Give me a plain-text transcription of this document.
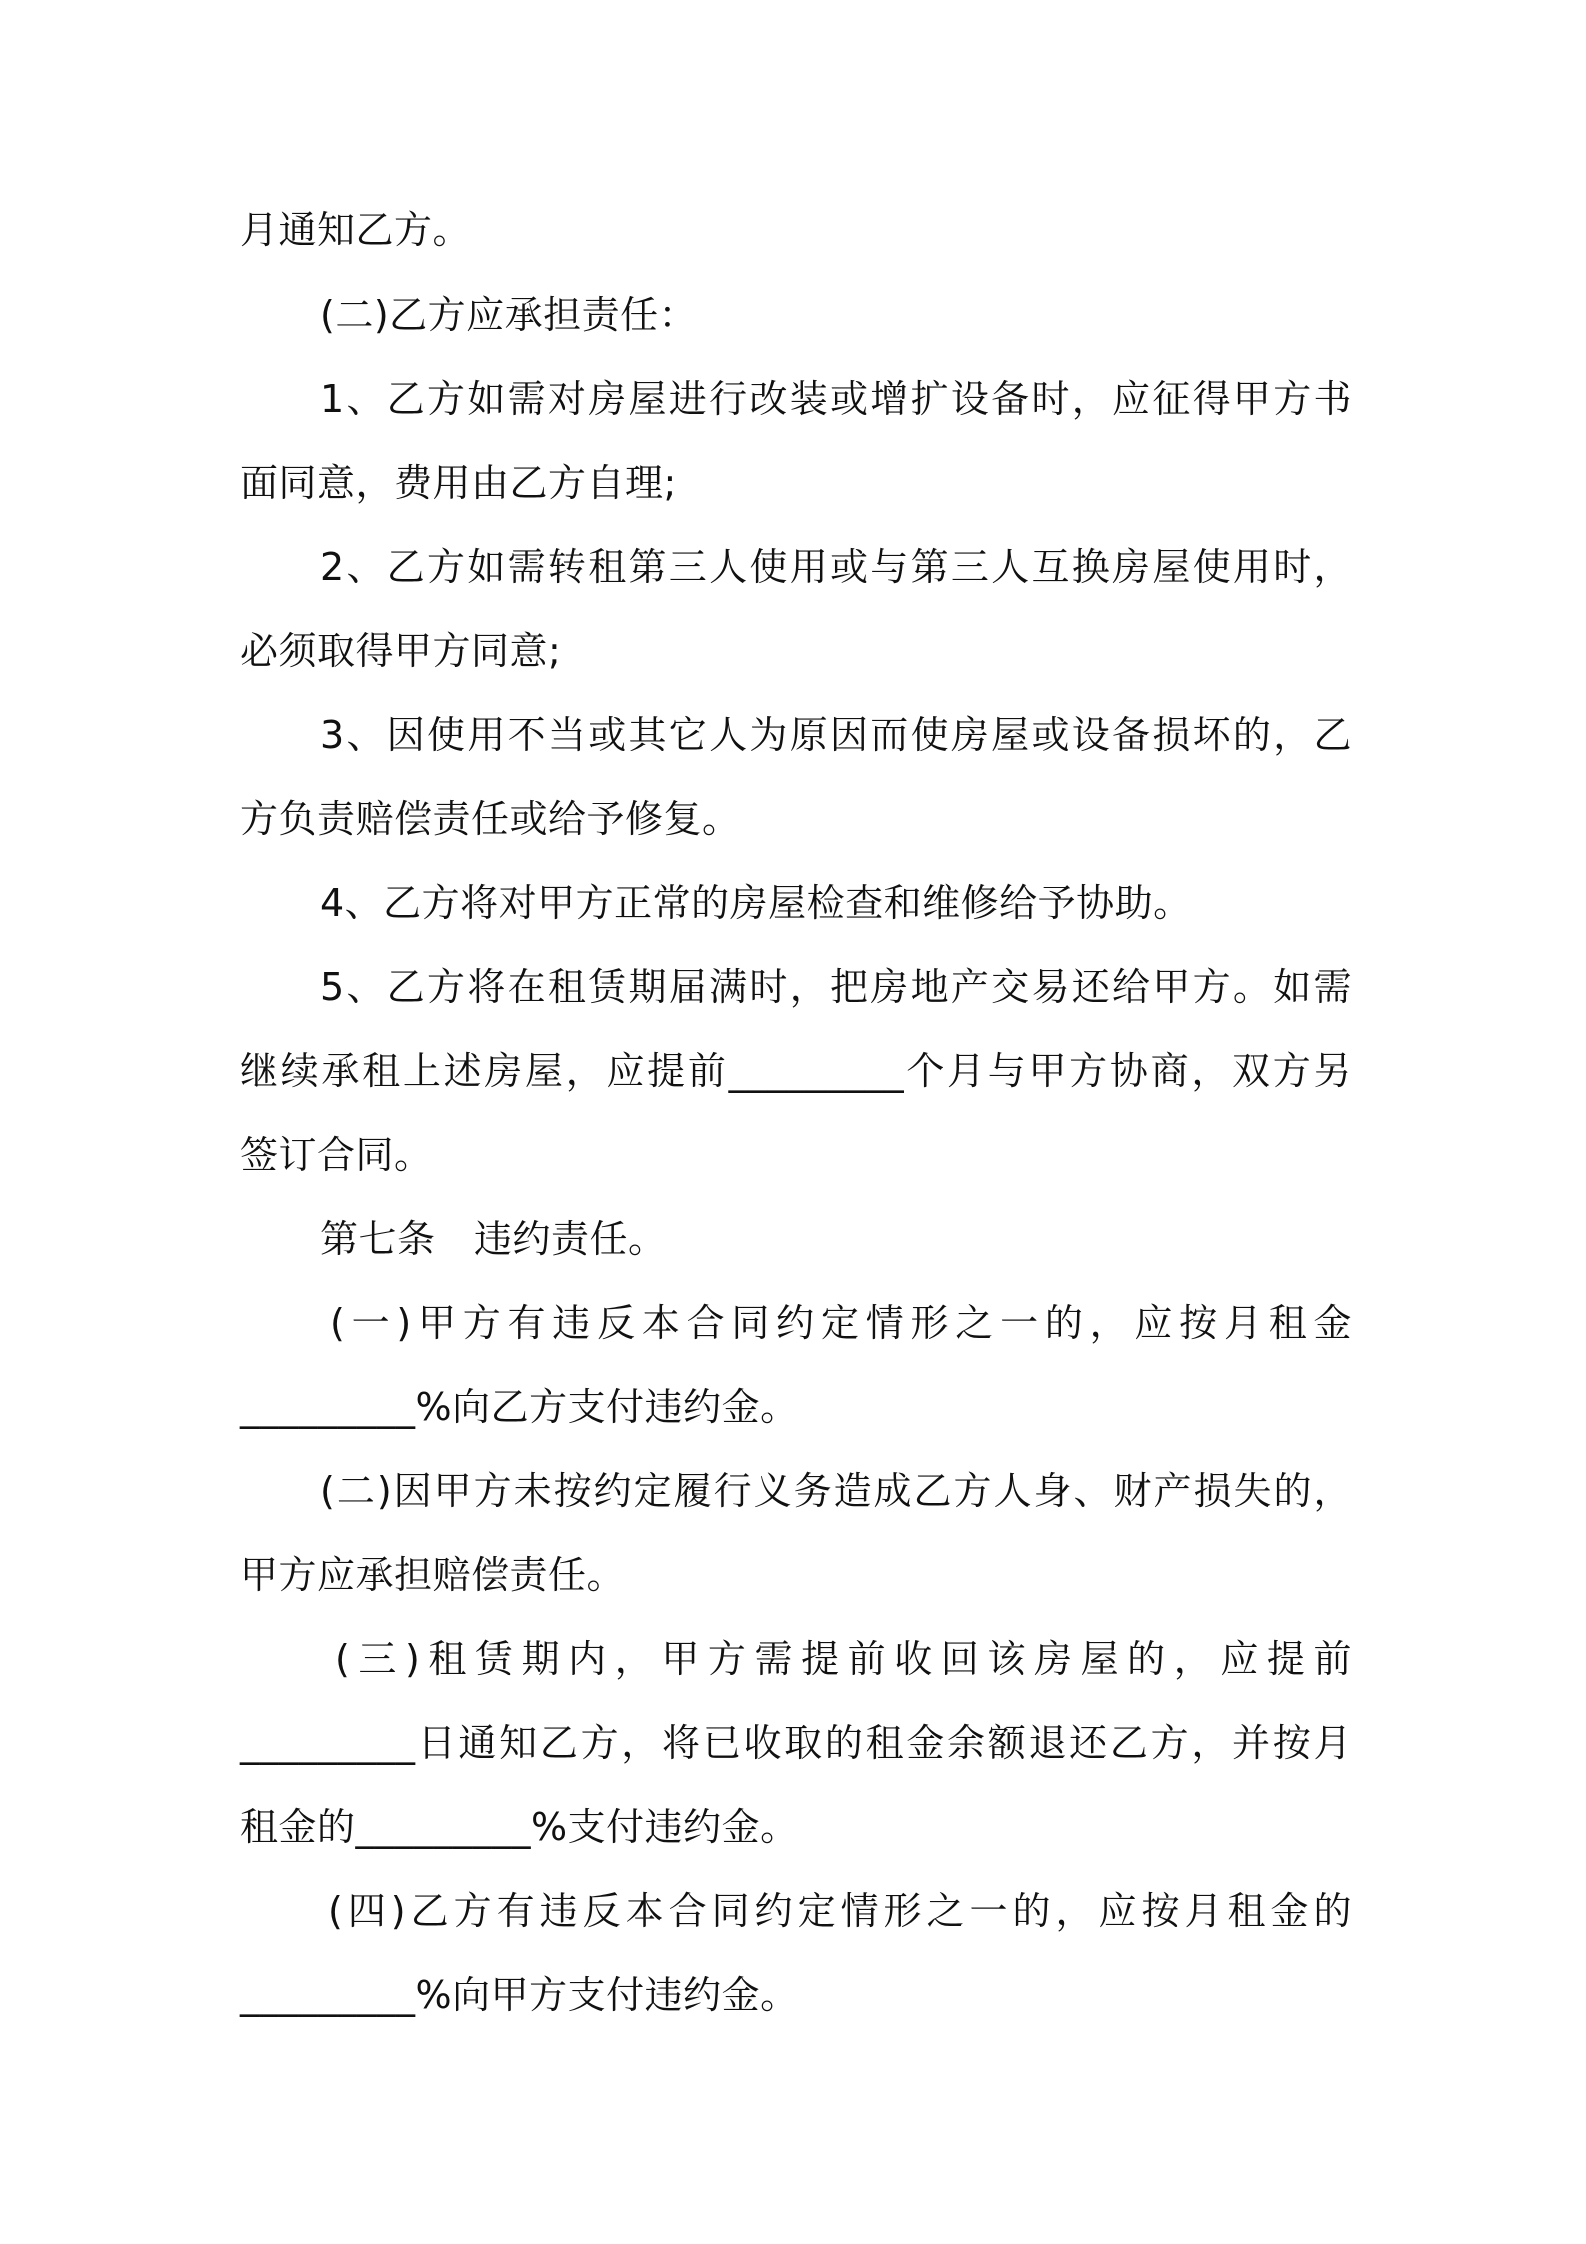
月通知乙方。
(二)乙方应承担责任：
1、乙方如需对房屋进行改装或增扩设备时，应征得甲方书
面同意，费用由乙方自理;
2、乙方如需转租第三人使用或与第三人互换房屋使用时，
必须取得甲方同意;
3、因使用不当或其它人为原因而使房屋或设备损坏的，乙
方负责赔偿责任或给予修复。
4、乙方将对甲方正常的房屋检查和维修给予协助。
5、乙方将在租赁期届满时，把房地产交易还给甲方。如需
继续承租上述房屋，应提前_________个月与甲方协商，双方另
签订合同。
第七条　违约责任。
(一)甲方有违反本合同约定情形之一的，应按月租金
_________%向乙方支付违约金。
(二)因甲方未按约定履行义务造成乙方人身、财产损失的，
甲方应承担赔偿责任。
(三)租赁期内，甲方需提前收回该房屋的，应提前
_________日通知乙方，将已收取的租金余额退还乙方，并按月
租金的_________%支付违约金。
(四)乙方有违反本合同约定情形之一的，应按月租金的
_________%向甲方支付违约金。
